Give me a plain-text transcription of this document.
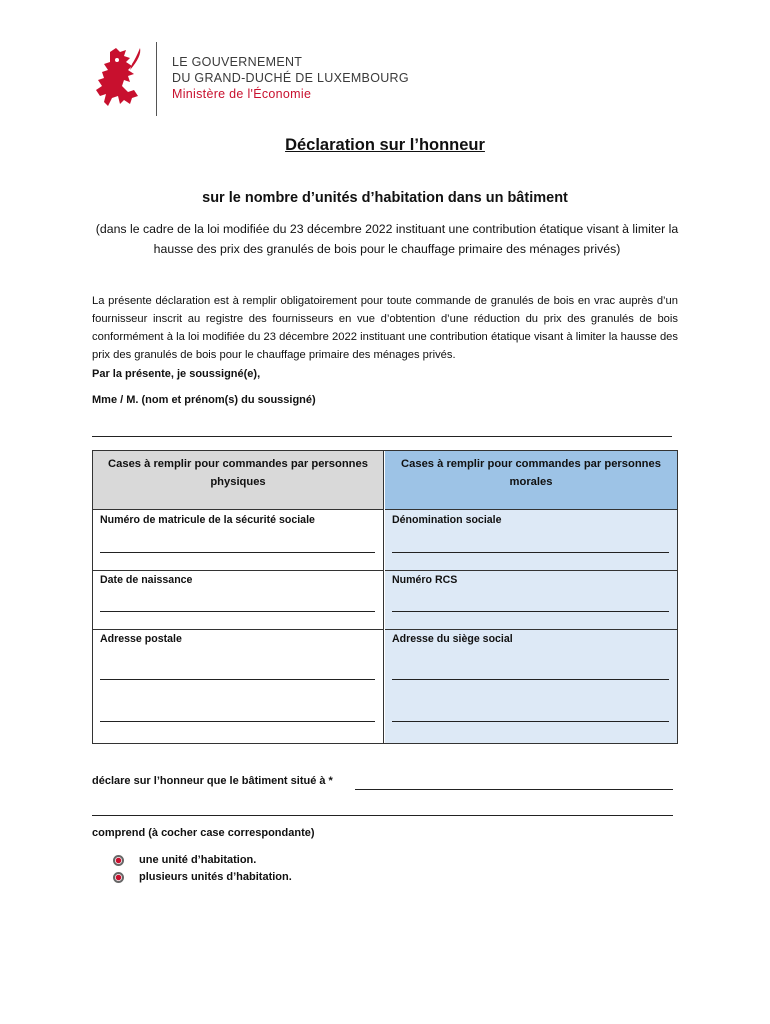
LE GOUVERNEMENT
DU GRAND-DUCHÉ DE LUXEMBOURG
Ministère de l'Économie
Déclaration sur l’honneur
sur le nombre d’unités d’habitation dans un bâtiment
(dans le cadre de la loi modifiée du 23 décembre 2022 instituant une contribution étatique visant à limiter la hausse des prix des granulés de bois pour le chauffage primaire des ménages privés)
La présente déclaration est à remplir obligatoirement pour toute commande de granulés de bois en vrac auprès d’un fournisseur inscrit au registre des fournisseurs en vue d’obtention d’une réduction du prix des granulés de bois conformément à la loi modifiée du 23 décembre 2022 instituant une contribution étatique visant à limiter la hausse des prix des granulés de bois pour le chauffage primaire des ménages privés.
Par la présente, je soussigné(e),
Mme / M. (nom et prénom(s) du soussigné)
Cases à remplir pour commandes par personnes physiques
Numéro de matricule de la sécurité sociale
Date de naissance
Adresse postale
Cases à remplir pour commandes par personnes morales
Dénomination sociale
Numéro RCS
Adresse du siège social
déclare sur l’honneur que le bâtiment situé à *
comprend (à cocher case correspondante)
une unité d’habitation.
plusieurs unités d’habitation.
